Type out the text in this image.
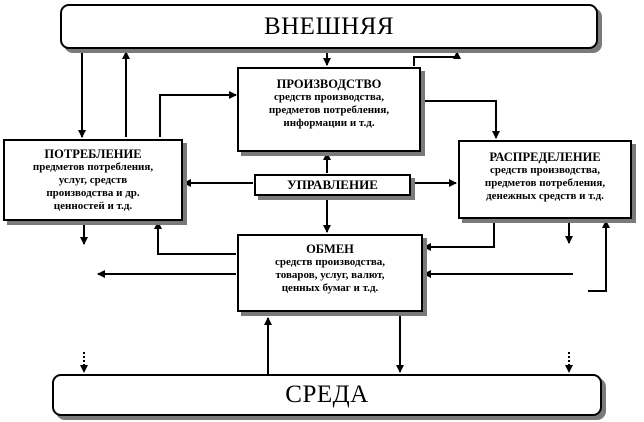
ВНЕШНЯЯ
ПРОИЗВОДСТВО
средств производства,
предметов потребления,
информации и т.д.
ПОТРЕБЛЕНИЕ
предметов потребления,
услуг, средств
производства и др.
ценностей и т.д.
УПРАВЛЕНИЕ
РАСПРЕДЕЛЕНИЕ
средств производства,
предметов потребления,
денежных средств и т.д.
ОБМЕН
средств производства,
товаров, услуг, валют,
ценных бумаг и т.д.
СРЕДА
